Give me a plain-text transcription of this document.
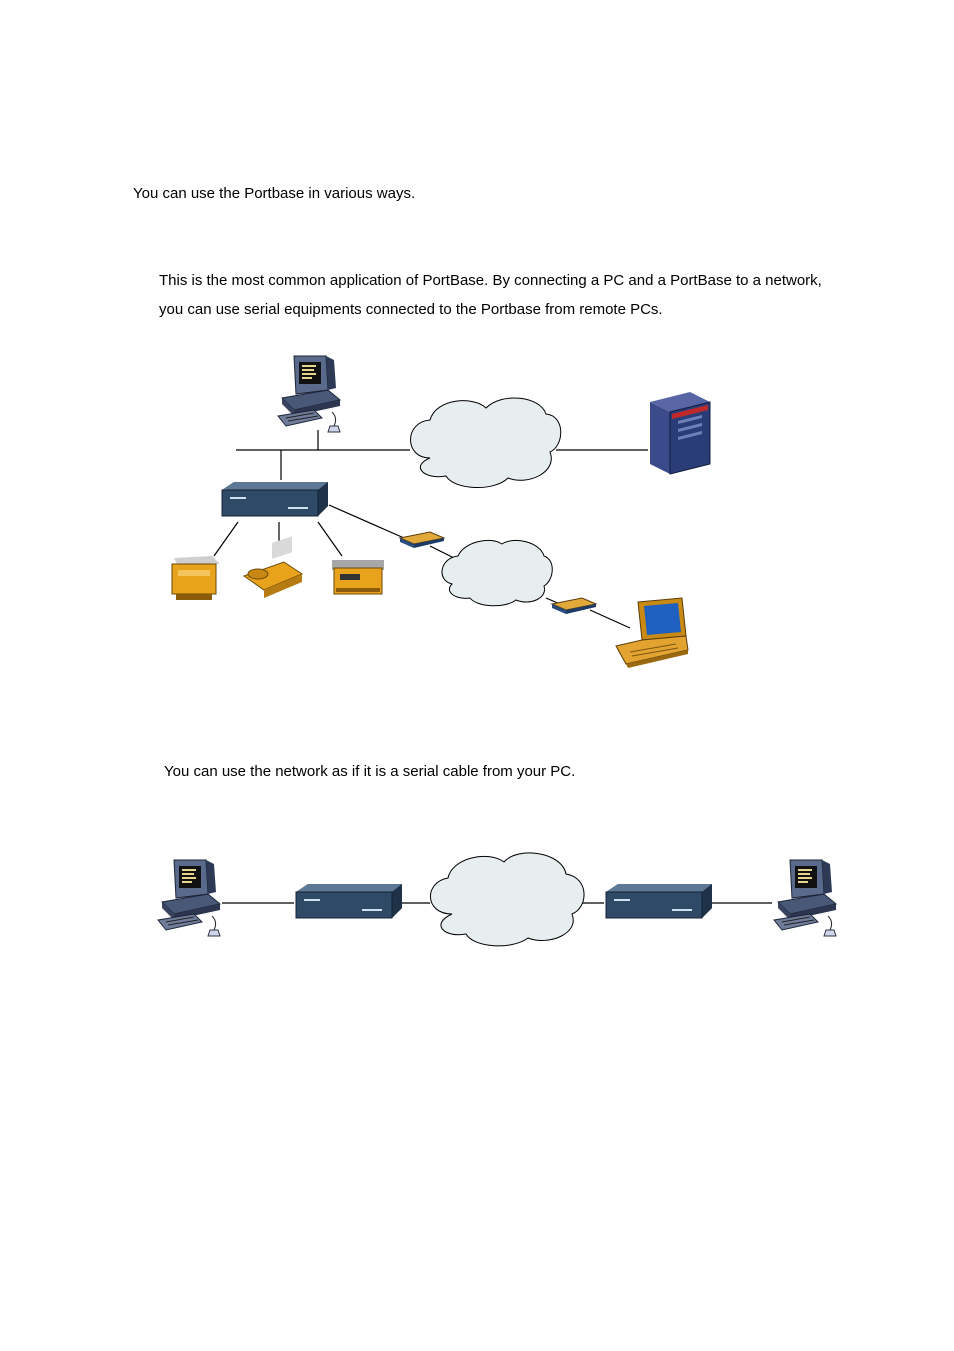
You can use the Portbase in various ways.
This is the most common application of PortBase. By connecting a PC and a PortBase to a network,
you can use serial equipments connected to the Portbase from remote PCs.
You can use the network as if it is a serial cable from your PC.
